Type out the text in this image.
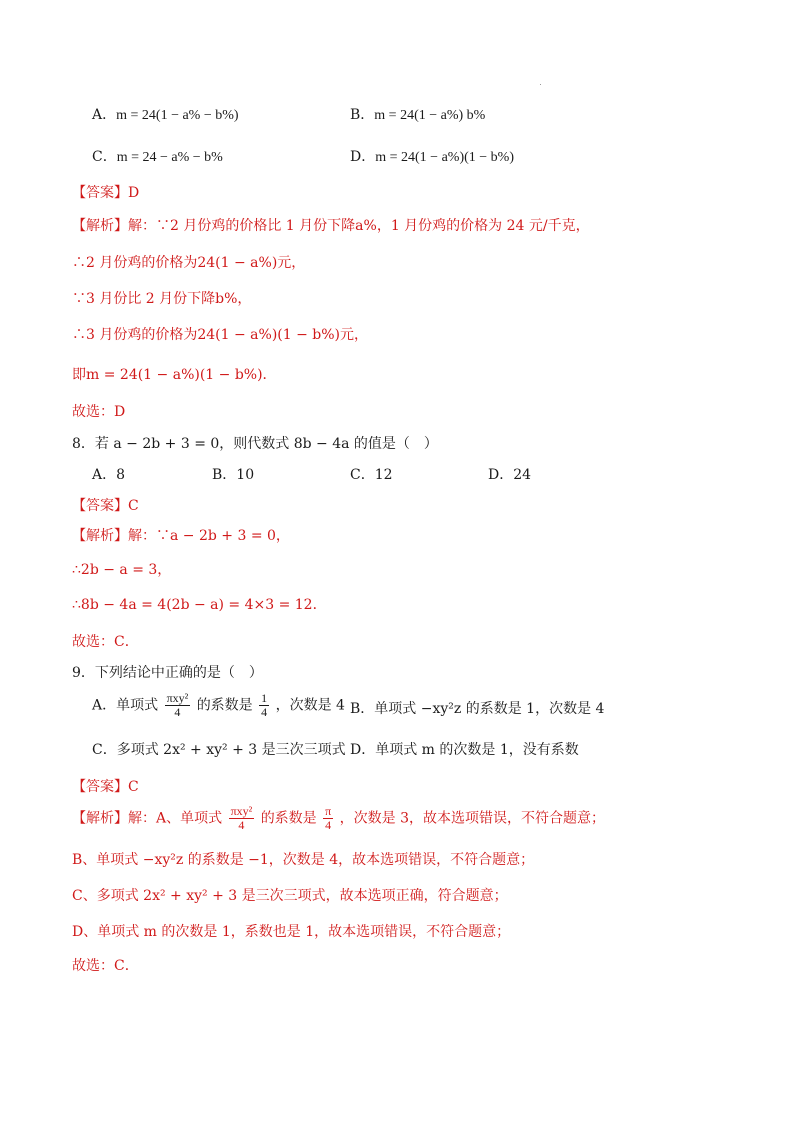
A．m = 24(1 − a% − b%)	B．m = 24(1 − a%) b%
C．m = 24 − a% − b%	D．m = 24(1 − a%)(1 − b%)
【答案】D
【解析】解：∵2 月份鸡的价格比 1 月份下降a%，1 月份鸡的价格为 24 元/千克，
∴2 月份鸡的价格为24(1 − a%)元，
∵3 月份比 2 月份下降b%，
∴3 月份鸡的价格为24(1 − a%)(1 − b%)元，
即m = 24(1 − a%)(1 − b%)．
故选：D
8．若 a − 2b + 3 = 0，则代数式 8b − 4a 的值是（　）
A．8	B．10	C．12	D．24
【答案】C
【解析】解：∵a − 2b + 3 = 0，
∴2b − a = 3，
∴8b − 4a = 4(2b − a) = 4×3 = 12．
故选：C．
9．下列结论中正确的是（　）
A．单项式 $\frac{\text{πxy²}}{4}$ 的系数是 $\frac{1}{4}$ ，次数是 4 B．单项式 −xy²z 的系数是 1，次数是 4
C．多项式 2x² + xy² + 3 是三次三项式 D．单项式 m 的次数是 1，没有系数
【答案】C
【解析】解：A、单项式 $\frac{\text{πxy²}}{4}$ 的系数是 $\frac{\pi}{4}$ ，次数是 3，故本选项错误，不符合题意；
B、单项式 −xy²z 的系数是 −1，次数是 4，故本选项错误，不符合题意；
C、多项式 2x² + xy² + 3 是三次三项式，故本选项正确，符合题意；
D、单项式 m 的次数是 1，系数也是 1，故本选项错误，不符合题意；
故选：C．
